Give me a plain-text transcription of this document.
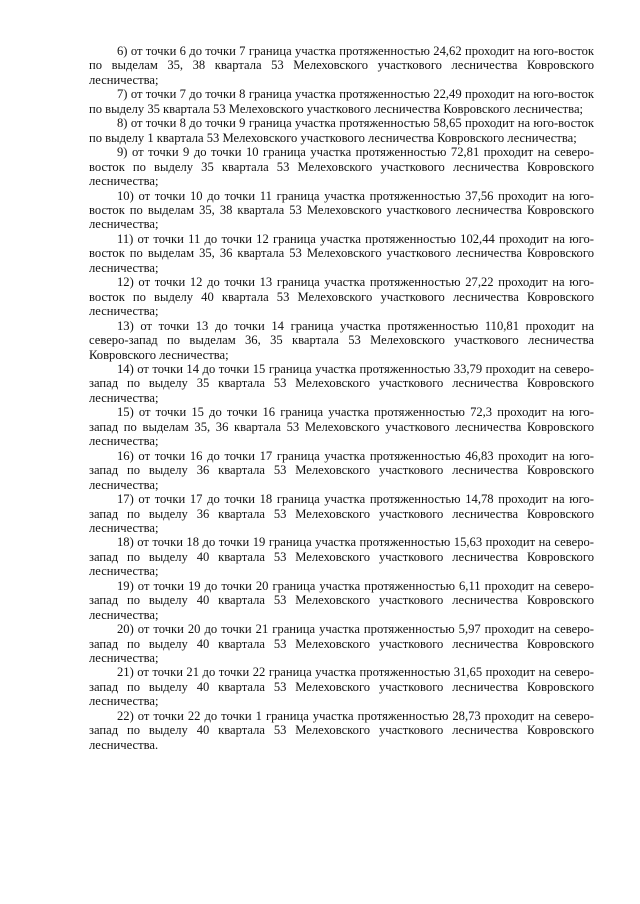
6) от точки 6 до точки 7 граница участка протяженностью 24,62 проходит на юго-восток по выделам 35, 38 квартала 53 Мелеховского участкового лесничества Ковровского лесничества;

7) от точки 7 до точки 8 граница участка протяженностью 22,49 проходит на юго-восток по выделу 35 квартала 53 Мелеховского участкового лесничества Ковровского лесничества;

8) от точки 8 до точки 9 граница участка протяженностью 58,65 проходит на юго-восток по выделу 1 квартала 53 Мелеховского участкового лесничества Ковровского лесничества;

9) от точки 9 до точки 10 граница участка протяженностью 72,81 проходит на северо-восток по выделу 35 квартала 53 Мелеховского участкового лесничества Ковровского лесничества;

10) от точки 10 до точки 11 граница участка протяженностью 37,56 проходит на юго-восток по выделам 35, 38 квартала 53 Мелеховского участкового лесничества Ковровского лесничества;

11) от точки 11 до точки 12 граница участка протяженностью 102,44 проходит на юго-восток по выделам 35, 36 квартала 53 Мелеховского участкового лесничества Ковровского лесничества;

12) от точки 12 до точки 13 граница участка протяженностью 27,22 проходит на юго-восток по выделу 40 квартала 53 Мелеховского участкового лесничества Ковровского лесничества;

13) от точки 13 до точки 14 граница участка протяженностью 110,81 проходит на северо-запад по выделам 36, 35 квартала 53 Мелеховского участкового лесничества Ковровского лесничества;

14) от точки 14 до точки 15 граница участка протяженностью 33,79 проходит на северо-запад по выделу 35 квартала 53 Мелеховского участкового лесничества Ковровского лесничества;

15) от точки 15 до точки 16 граница участка протяженностью 72,3 проходит на юго-запад по выделам 35, 36 квартала 53 Мелеховского участкового лесничества Ковровского лесничества;

16) от точки 16 до точки 17 граница участка протяженностью 46,83 проходит на юго-запад по выделу 36 квартала 53 Мелеховского участкового лесничества Ковровского лесничества;

17) от точки 17 до точки 18 граница участка протяженностью 14,78 проходит на юго-запад по выделу 36 квартала 53 Мелеховского участкового лесничества Ковровского лесничества;

18) от точки 18 до точки 19 граница участка протяженностью 15,63 проходит на северо-запад по выделу 40 квартала 53 Мелеховского участкового лесничества Ковровского лесничества;

19) от точки 19 до точки 20 граница участка протяженностью 6,11 проходит на северо-запад по выделу 40 квартала 53 Мелеховского участкового лесничества Ковровского лесничества;

20) от точки 20 до точки 21 граница участка протяженностью 5,97 проходит на северо-запад по выделу 40 квартала 53 Мелеховского участкового лесничества Ковровского лесничества;

21) от точки 21 до точки 22 граница участка протяженностью 31,65 проходит на северо-запад по выделу 40 квартала 53 Мелеховского участкового лесничества Ковровского лесничества;

22) от точки 22 до точки 1 граница участка протяженностью 28,73 проходит на северо-запад по выделу 40 квартала 53 Мелеховского участкового лесничества Ковровского лесничества.
